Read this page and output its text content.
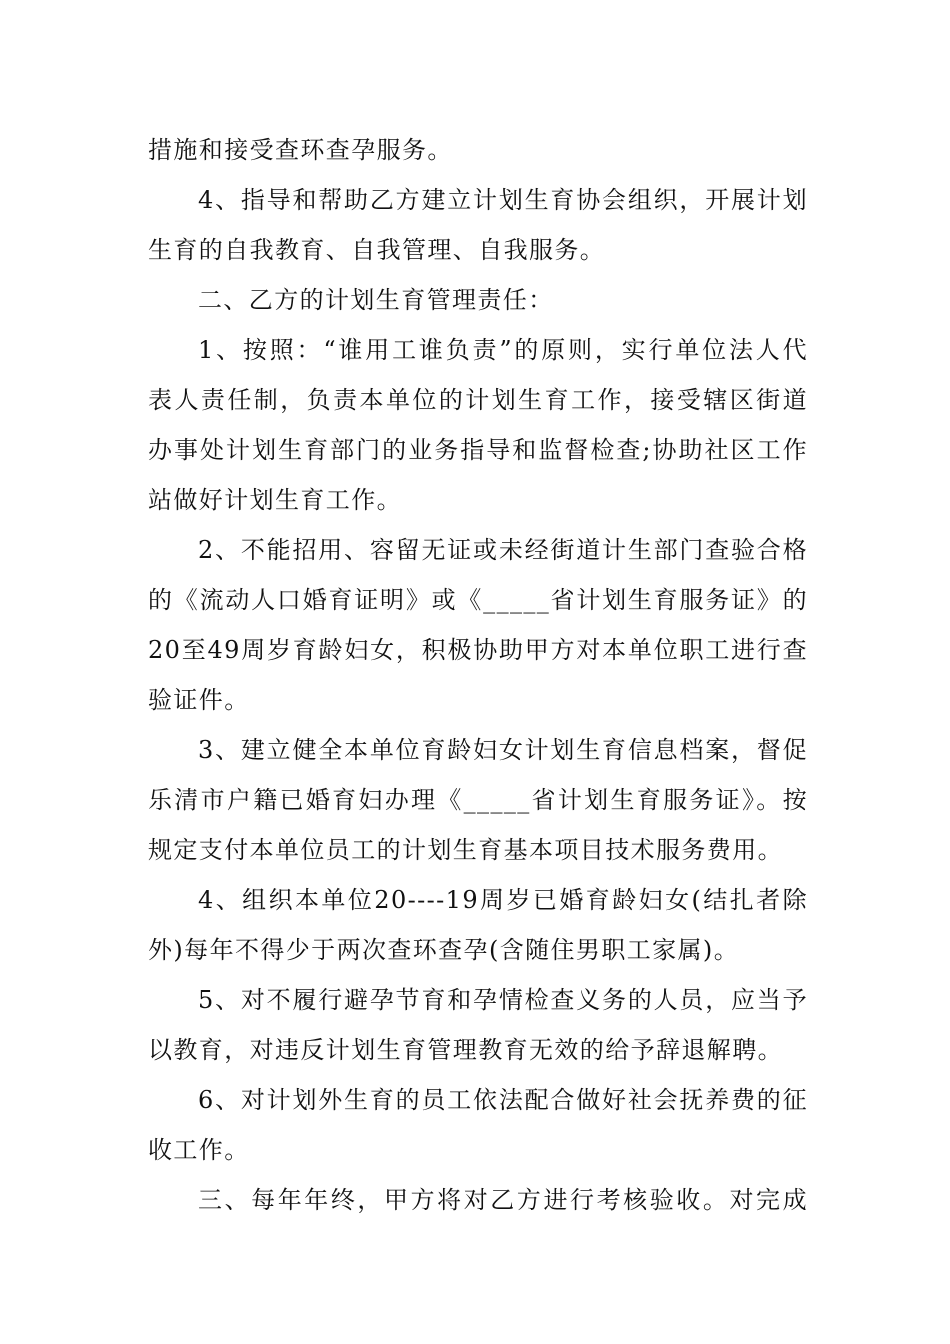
措施和接受查环查孕服务。
4、指导和帮助乙方建立计划生育协会组织，开展计划
生育的自我教育、自我管理、自我服务。
二、乙方的计划生育管理责任：
1、按照：“谁用工谁负责”的原则，实行单位法人代
表人责任制，负责本单位的计划生育工作，接受辖区街道
办事处计划生育部门的业务指导和监督检查;协助社区工作
站做好计划生育工作。
2、不能招用、容留无证或未经街道计生部门查验合格
的《流动人口婚育证明》或《_____省计划生育服务证》的
20至49周岁育龄妇女，积极协助甲方对本单位职工进行查
验证件。
3、建立健全本单位育龄妇女计划生育信息档案，督促
乐清市户籍已婚育妇办理《_____省计划生育服务证》。按
规定支付本单位员工的计划生育基本项目技术服务费用。
4、组织本单位20----19周岁已婚育龄妇女(结扎者除
外)每年不得少于两次查环查孕(含随住男职工家属)。
5、对不履行避孕节育和孕情检查义务的人员，应当予
以教育，对违反计划生育管理教育无效的给予辞退解聘。
6、对计划外生育的员工依法配合做好社会抚养费的征
收工作。
三、每年年终，甲方将对乙方进行考核验收。对完成
